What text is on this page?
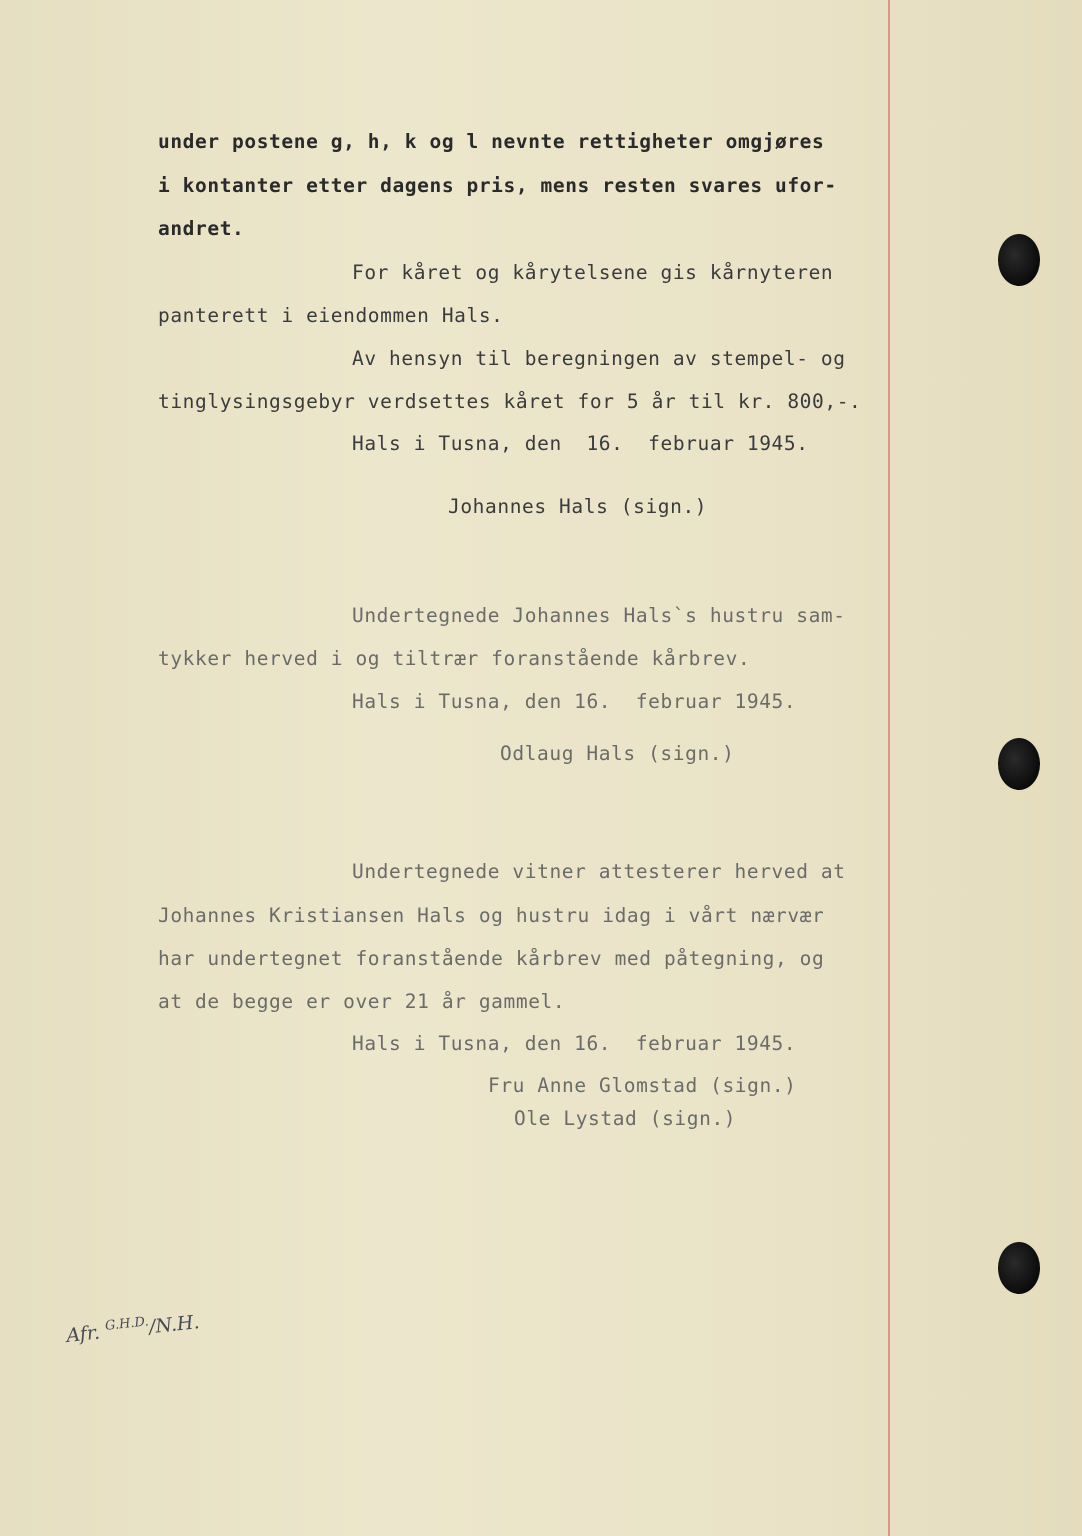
under postene g, h, k og l nevnte rettigheter omgjøres

i kontanter etter dagens pris, mens resten svares ufor-

andret.

For kåret og kårytelsene gis kårnyteren

panterett i eiendommen Hals.

Av hensyn til beregningen av stempel- og

tinglysingsgebyr verdsettes kåret for 5 år til kr. 800,-.

Hals i Tusna, den  16.  februar 1945.

Johannes Hals (sign.)

Undertegnede Johannes Hals`s hustru sam-

tykker herved i og tiltrær foranstående kårbrev.

Hals i Tusna, den 16.  februar 1945.

Odlaug Hals (sign.)

Undertegnede vitner attesterer herved at

Johannes Kristiansen Hals og hustru idag i vårt nærvær

har undertegnet foranstående kårbrev med påtegning, og

at de begge er over 21 år gammel.

Hals i Tusna, den 16.  februar 1945.

Fru Anne Glomstad (sign.)

Ole Lystad (sign.)

Afr. $^{G.H.D.}$/N.H.
